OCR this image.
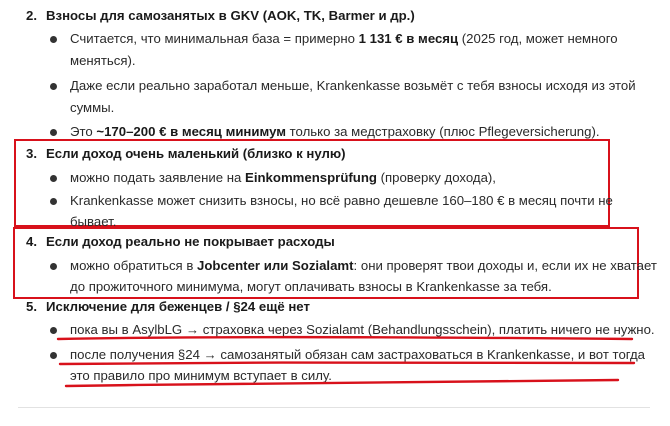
2. Взносы для самозанятых в GKV (AOK, TK, Barmer и др.)
Считается, что минимальная база = примерно 1 131 € в месяц (2025 год, может немного
меняться).
Даже если реально заработал меньше, Krankenkasse возьмёт с тебя взносы исходя из этой
суммы.
Это ~170–200 € в месяц минимум только за медстраховку (плюс Pflegeversicherung).
3. Если доход очень маленький (близко к нулю)
можно подать заявление на Einkommensprüfung (проверку дохода),
Krankenkasse может снизить взносы, но всё равно дешевле 160–180 € в месяц почти не
бывает.
4. Если доход реально не покрывает расходы
можно обратиться в Jobcenter или Sozialamt: они проверят твои доходы и, если их не хватает
до прожиточного минимума, могут оплачивать взносы в Krankenkasse за тебя.
5. Исключение для беженцев / §24 ещё нет
пока вы в AsylbLG → страховка через Sozialamt (Behandlungsschein), платить ничего не нужно.
после получения §24 → самозанятый обязан сам застраховаться в Krankenkasse, и вот тогда
это правило про минимум вступает в силу.
